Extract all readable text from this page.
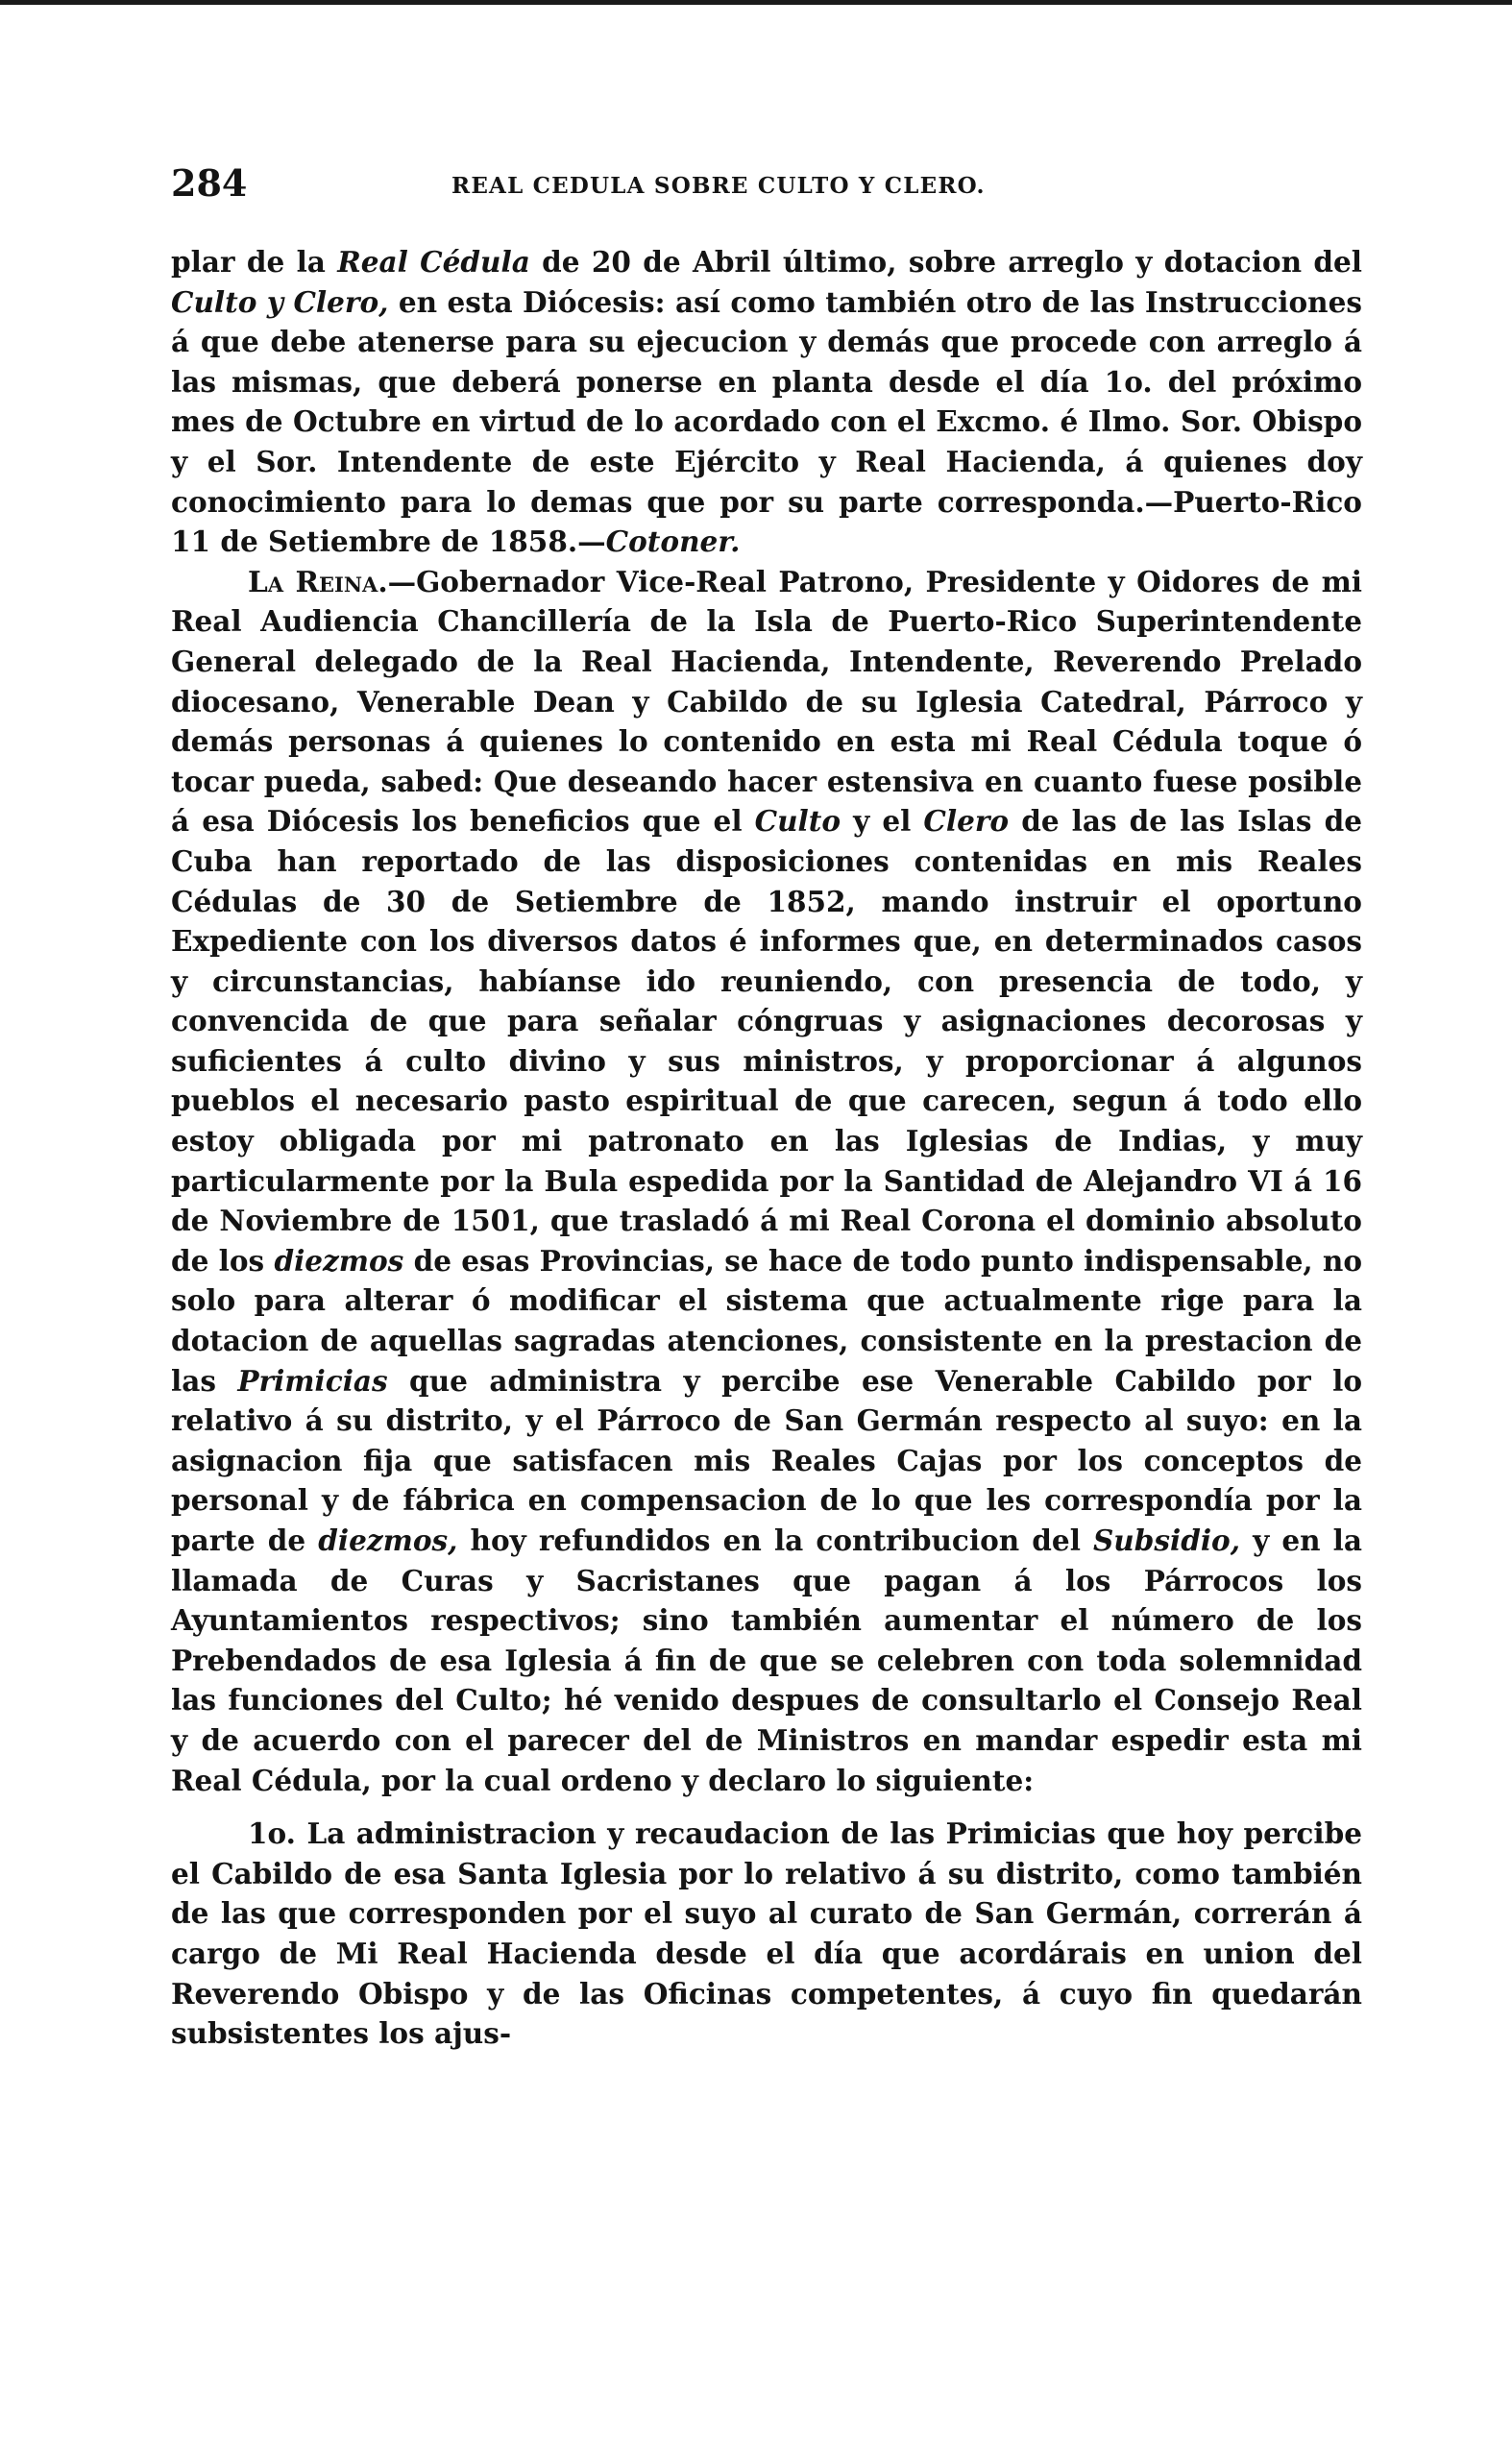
284	REAL CEDULA SOBRE CULTO Y CLERO.

plar de la Real Cédula de 20 de Abril último, sobre arreglo y dotacion del Culto y Clero, en esta Diócesis: así como también otro de las Instrucciones á que debe atenerse para su ejecucion y demás que procede con arreglo á las mismas, que deberá ponerse en planta desde el día 1o. del próximo mes de Octubre en virtud de lo acordado con el Excmo. é Ilmo. Sor. Obispo y el Sor. Intendente de este Ejército y Real Hacienda, á quienes doy conocimiento para lo demas que por su parte corresponda.—Puerto-Rico 11 de Setiembre de 1858.—Cotoner.

La Reina.—Gobernador Vice-Real Patrono, Presidente y Oidores de mi Real Audiencia Chancillería de la Isla de Puerto-Rico Superintendente General delegado de la Real Hacienda, Intendente, Reverendo Prelado diocesano, Venerable Dean y Cabildo de su Iglesia Catedral, Párroco y demás personas á quienes lo contenido en esta mi Real Cédula toque ó tocar pueda, sabed: Que deseando hacer estensiva en cuanto fuese posible á esa Diócesis los beneficios que el Culto y el Clero de las de las Islas de Cuba han reportado de las disposiciones contenidas en mis Reales Cédulas de 30 de Setiembre de 1852, mando instruir el oportuno Expediente con los diversos datos é informes que, en determinados casos y circunstancias, habíanse ido reuniendo, con presencia de todo, y convencida de que para señalar cóngruas y asignaciones decorosas y suficientes á culto divino y sus ministros, y proporcionar á algunos pueblos el necesario pasto espiritual de que carecen, segun á todo ello estoy obligada por mi patronato en las Iglesias de Indias, y muy particularmente por la Bula espedida por la Santidad de Alejandro VI á 16 de Noviembre de 1501, que trasladó á mi Real Corona el dominio absoluto de los diezmos de esas Provincias, se hace de todo punto indispensable, no solo para alterar ó modificar el sistema que actualmente rige para la dotacion de aquellas sagradas atenciones, consistente en la prestacion de las Primicias que administra y percibe ese Venerable Cabildo por lo relativo á su distrito, y el Párroco de San Germán respecto al suyo: en la asignacion fija que satisfacen mis Reales Cajas por los conceptos de personal y de fábrica en compensacion de lo que les correspondía por la parte de diezmos, hoy refundidos en la contribucion del Subsidio, y en la llamada de Curas y Sacristanes que pagan á los Párrocos los Ayuntamientos respectivos; sino también aumentar el número de los Prebendados de esa Iglesia á fin de que se celebren con toda solemnidad las funciones del Culto; hé venido despues de consultarlo el Consejo Real y de acuerdo con el parecer del de Ministros en mandar espedir esta mi Real Cédula, por la cual ordeno y declaro lo siguiente:

1o. La administracion y recaudacion de las Primicias que hoy percibe el Cabildo de esa Santa Iglesia por lo relativo á su distrito, como también de las que corresponden por el suyo al curato de San Germán, correrán á cargo de Mi Real Hacienda desde el día que acordárais en union del Reverendo Obispo y de las Oficinas competentes, á cuyo fin quedarán subsistentes los ajus-
